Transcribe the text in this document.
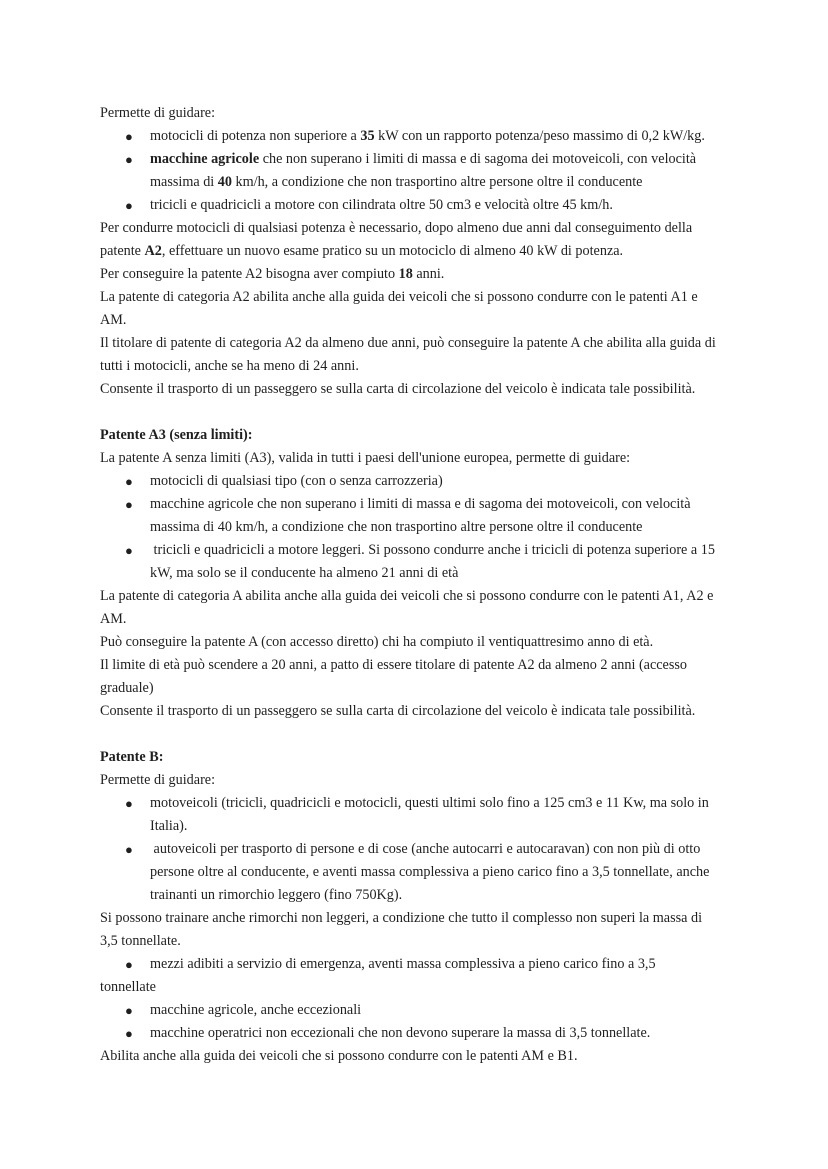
Permette di guidare:
● motocicli di potenza non superiore a 35 kW con un rapporto potenza/peso massimo di 0,2 kW/kg.
● macchine agricole che non superano i limiti di massa e di sagoma dei motoveicoli, con velocità
massima di 40 km/h, a condizione che non trasportino altre persone oltre il conducente
● tricicli e quadricicli a motore con cilindrata oltre 50 cm3 e velocità oltre 45 km/h.
Per condurre motocicli di qualsiasi potenza è necessario, dopo almeno due anni dal conseguimento della
patente A2, effettuare un nuovo esame pratico su un motociclo di almeno 40 kW di potenza.
Per conseguire la patente A2 bisogna aver compiuto 18 anni.
La patente di categoria A2 abilita anche alla guida dei veicoli che si possono condurre con le patenti A1 e
AM.
Il titolare di patente di categoria A2 da almeno due anni, può conseguire la patente A che abilita alla guida di
tutti i motocicli, anche se ha meno di 24 anni.
Consente il trasporto di un passeggero se sulla carta di circolazione del veicolo è indicata tale possibilità.
Patente A3 (senza limiti):
La patente A senza limiti (A3), valida in tutti i paesi dell'unione europea, permette di guidare:
● motocicli di qualsiasi tipo (con o senza carrozzeria)
● macchine agricole che non superano i limiti di massa e di sagoma dei motoveicoli, con velocità
massima di 40 km/h, a condizione che non trasportino altre persone oltre il conducente
● tricicli e quadricicli a motore leggeri. Si possono condurre anche i tricicli di potenza superiore a 15
kW, ma solo se il conducente ha almeno 21 anni di età
La patente di categoria A abilita anche alla guida dei veicoli che si possono condurre con le patenti A1, A2 e
AM.
Può conseguire la patente A (con accesso diretto) chi ha compiuto il ventiquattresimo anno di età.
Il limite di età può scendere a 20 anni, a patto di essere titolare di patente A2 da almeno 2 anni (accesso
graduale)
Consente il trasporto di un passeggero se sulla carta di circolazione del veicolo è indicata tale possibilità.
Patente B:
Permette di guidare:
● motoveicoli (tricicli, quadricicli e motocicli, questi ultimi solo fino a 125 cm3 e 11 Kw, ma solo in
Italia).
● autoveicoli per trasporto di persone e di cose (anche autocarri e autocaravan) con non più di otto
persone oltre al conducente, e aventi massa complessiva a pieno carico fino a 3,5 tonnellate, anche
trainanti un rimorchio leggero (fino 750Kg).
Si possono trainare anche rimorchi non leggeri, a condizione che tutto il complesso non superi la massa di
3,5 tonnellate.
● mezzi adibiti a servizio di emergenza, aventi massa complessiva a pieno carico fino a 3,5
tonnellate
● macchine agricole, anche eccezionali
● macchine operatrici non eccezionali che non devono superare la massa di 3,5 tonnellate.
Abilita anche alla guida dei veicoli che si possono condurre con le patenti AM e B1.
